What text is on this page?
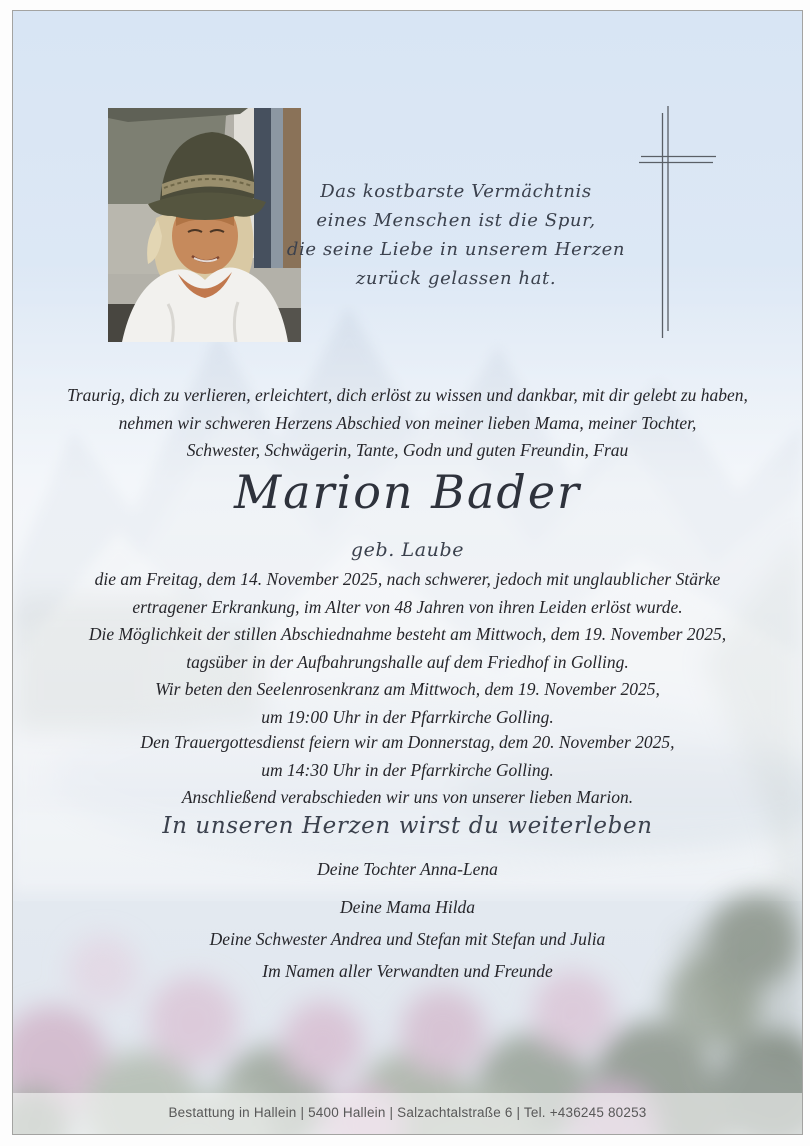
Das kostbarste Vermächtnis
eines Menschen ist die Spur,
die seine Liebe in unserem Herzen
zurück gelassen hat.
Traurig, dich zu verlieren, erleichtert, dich erlöst zu wissen und dankbar, mit dir gelebt zu haben,
nehmen wir schweren Herzens Abschied von meiner lieben Mama, meiner Tochter,
Schwester, Schwägerin, Tante, Godn und guten Freundin, Frau
Marion Bader
geb. Laube
die am Freitag, dem 14. November 2025, nach schwerer, jedoch mit unglaublicher Stärke
ertragener Erkrankung, im Alter von 48 Jahren von ihren Leiden erlöst wurde.
Die Möglichkeit der stillen Abschiednahme besteht am Mittwoch, dem 19. November 2025,
tagsüber in der Aufbahrungshalle auf dem Friedhof in Golling.
Wir beten den Seelenrosenkranz am Mittwoch, dem 19. November 2025,
um 19:00 Uhr in der Pfarrkirche Golling.
Den Trauergottesdienst feiern wir am Donnerstag, dem 20. November 2025,
um 14:30 Uhr in der Pfarrkirche Golling.
Anschließend verabschieden wir uns von unserer lieben Marion.
In unseren Herzen wirst du weiterleben
Deine Tochter Anna-Lena
Deine Mama Hilda
Deine Schwester Andrea und Stefan mit Stefan und Julia
Im Namen aller Verwandten und Freunde
Bestattung in Hallein | 5400 Hallein | Salzachtalstraße 6 | Tel. +436245 80253
